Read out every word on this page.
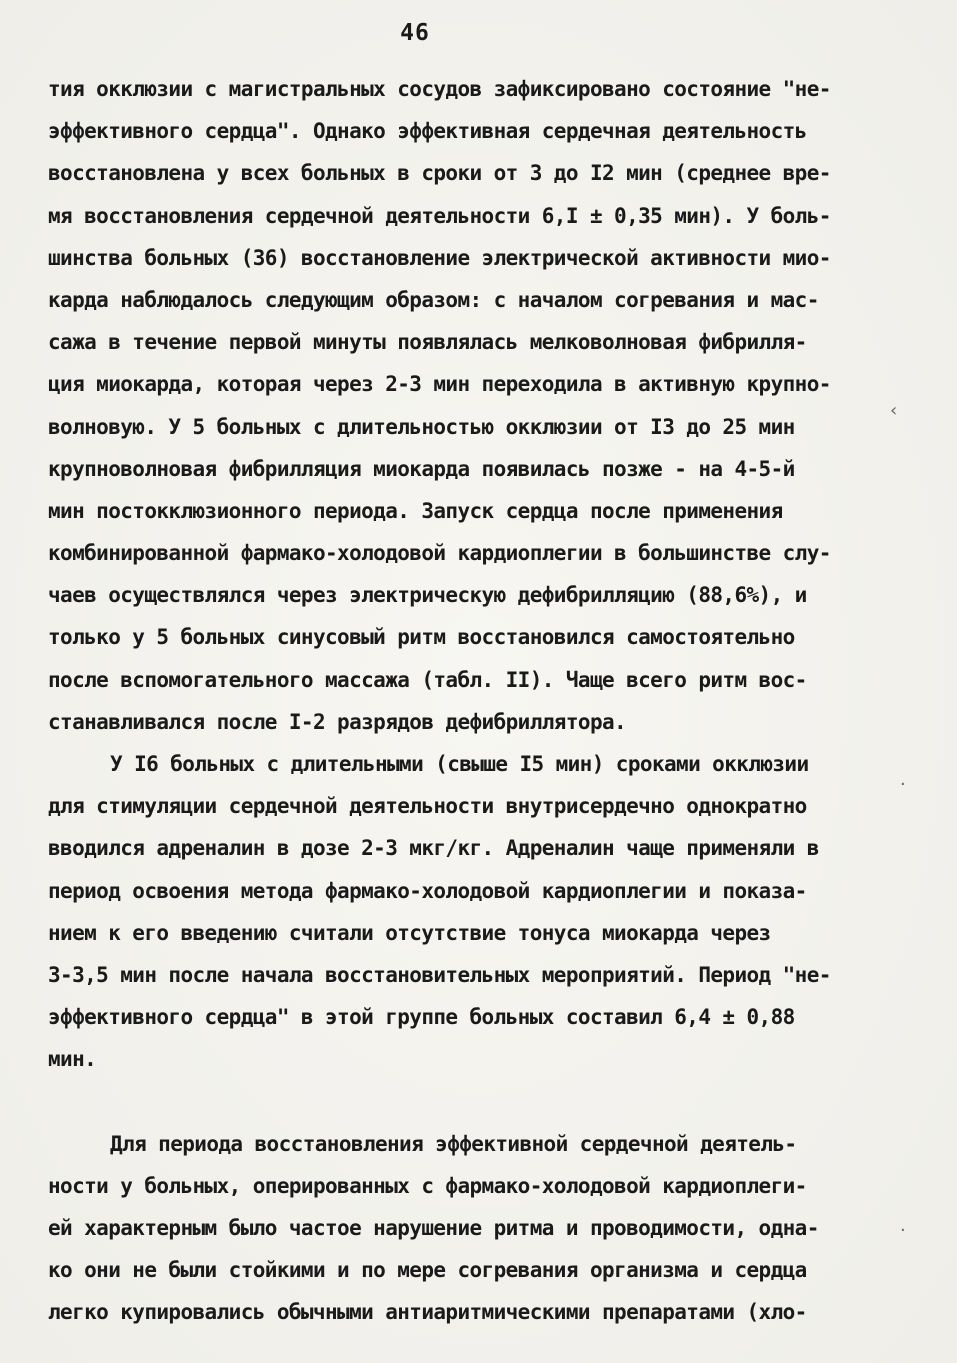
46
тия окклюзии с магистральных сосудов зафиксировано состояние "не-
эффективного сердца". Однако эффективная сердечная деятельность
восстановлена у всех больных в сроки от 3 до I2 мин (среднее вре-
мя восстановления сердечной деятельности 6,I ± 0,35 мин). У боль-
шинства больных (36) восстановление электрической активности мио-
карда наблюдалось следующим образом: с началом согревания и мас-
сажа в течение первой минуты появлялась мелковолновая фибрилля-
ция миокарда, которая через 2-3 мин переходила в активную крупно-
волновую. У 5 больных с длительностью окклюзии от I3 до 25 мин
крупноволновая фибрилляция миокарда появилась позже - на 4-5-й
мин постокклюзионного периода. Запуск сердца после применения
комбинированной фармако-холодовой кардиоплегии в большинстве слу-
чаев осуществлялся через электрическую дефибрилляцию (88,6%), и
только у 5 больных синусовый ритм восстановился самостоятельно
после вспомогательного массажа (табл. II). Чаще всего ритм вос-
станавливался после I-2 разрядов дефибриллятора.
У I6 больных с длительными (свыше I5 мин) сроками окклюзии
для стимуляции сердечной деятельности внутрисердечно однократно
вводился адреналин в дозе 2-3 мкг/кг. Адреналин чаще применяли в
период освоения метода фармако-холодовой кардиоплегии и показа-
нием к его введению считали отсутствие тонуса миокарда через
3-3,5 мин после начала восстановительных мероприятий. Период "не-
эффективного сердца" в этой группе больных составил 6,4 ± 0,88
мин.
Для периода восстановления эффективной сердечной деятель-
ности у больных, оперированных с фармако-холодовой кардиоплеги-
ей характерным было частое нарушение ритма и проводимости, одна-
ко они не были стойкими и по мере согревания организма и сердца
легко купировались обычными антиаритмическими препаратами (хло-
‹
·
·
